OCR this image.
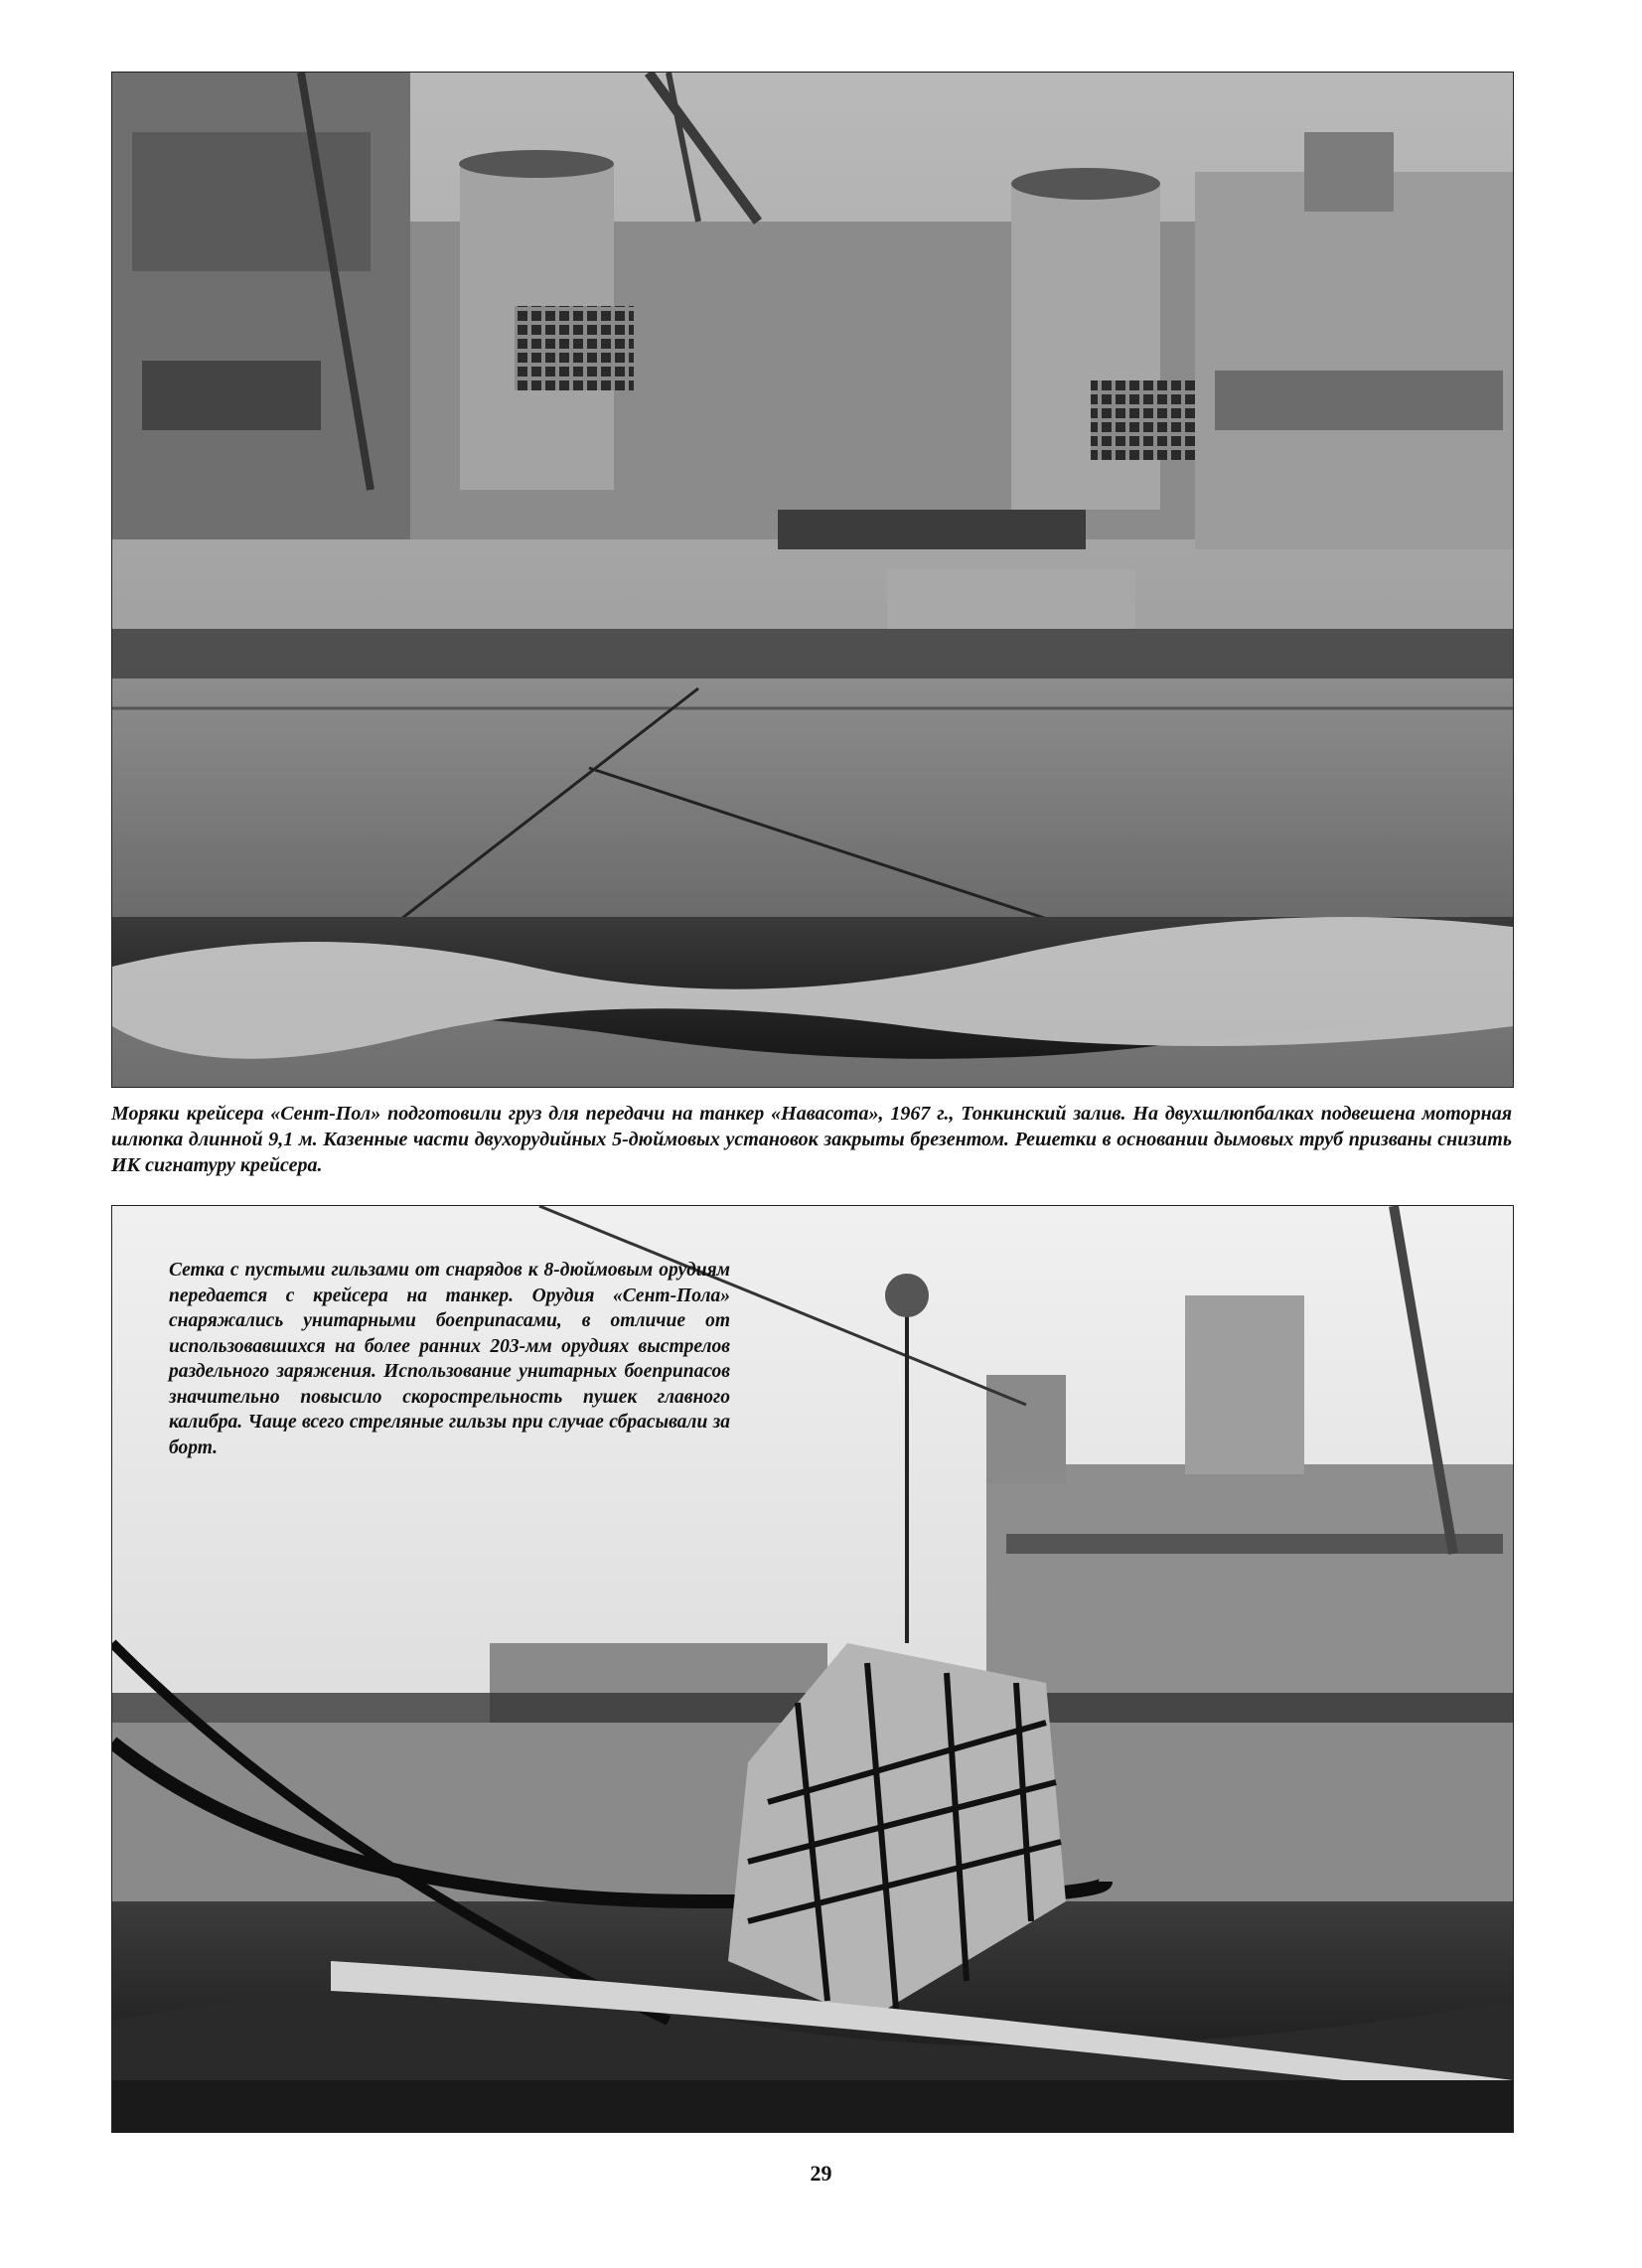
Моряки крейсера «Сент-Пол» подготовили груз для передачи на танкер «Навасота», 1967 г., Тонкинский залив. На двухшлюпбалках подвешена моторная шлюпка длинной 9,1 м. Казенные части двухорудийных 5-дюймовых установок закрыты брезентом. Решетки в основании дымовых труб призваны снизить ИК сигнатуру крейсера.

Сетка с пустыми гильзами от снарядов к 8-дюймовым орудиям передается с крейсера на танкер. Орудия «Сент-Пола» снаряжались унитарными боеприпасами, в отличие от использовавшихся на более ранних 203-мм орудиях выстрелов раздельного заряжения. Использование унитарных боеприпасов значительно повысило скорострельность пушек главного калибра. Чаще всего стреляные гильзы при случае сбрасывали за борт.

29
